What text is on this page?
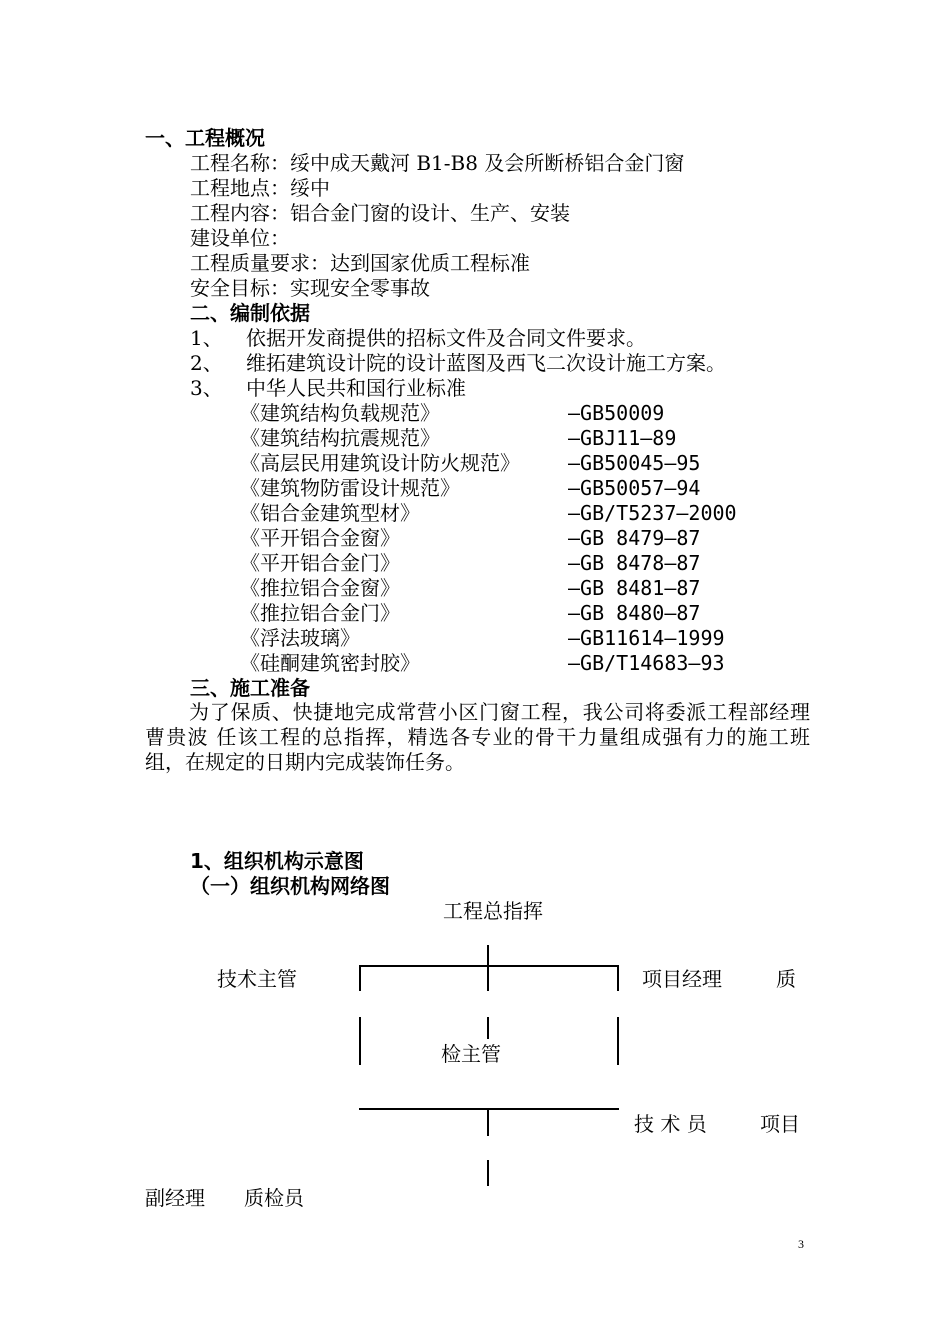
一、工程概况
工程名称：绥中成天戴河 B1-B8 及会所断桥铝合金门窗
工程地点：绥中
工程内容：铝合金门窗的设计、生产、安装
建设单位：
工程质量要求：达到国家优质工程标准
安全目标：实现安全零事故
二、编制依据
1、 依据开发商提供的招标文件及合同文件要求。
2、 维拓建筑设计院的设计蓝图及西飞二次设计施工方案。
3、 中华人民共和国行业标准
《建筑结构负载规范》	—GB50009
《建筑结构抗震规范》	—GBJ11—89
《高层民用建筑设计防火规范》 —GB50045—95
《建筑物防雷设计规范》	—GB50057—94
《铝合金建筑型材》	—GB/T5237—2000
《平开铝合金窗》	—GB 8479—87
《平开铝合金门》	—GB 8478—87
《推拉铝合金窗》	—GB 8481—87
《推拉铝合金门》	—GB 8480—87
《浮法玻璃》	—GB11614—1999
《硅酮建筑密封胶》	—GB/T14683—93
三、施工准备
为了保质、快捷地完成常营小区门窗工程，我公司将委派工程部经理 曹贵波 任该工程的总指挥，精选各专业的骨干力量组成强有力的施工班组，在规定的日期内完成装饰任务。
1、组织机构示意图
（一）组织机构网络图
工程总指挥
技术主管	项目经理	质
检主管
技 术 员	项目
副经理 质检员
3
